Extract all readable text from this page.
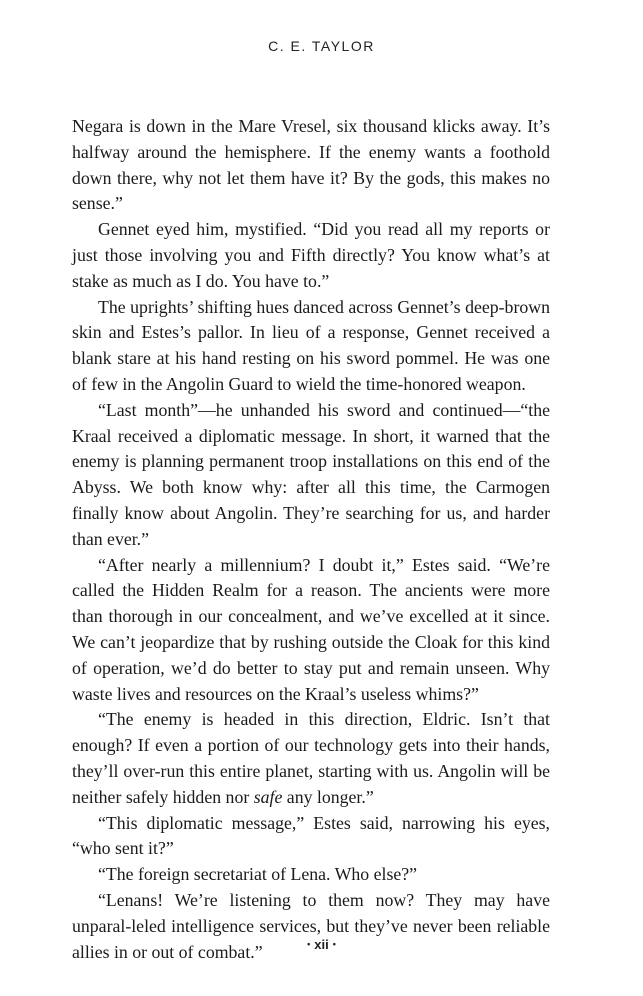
C. E. TAYLOR

Negara is down in the Mare Vresel, six thousand klicks away. It’s halfway around the hemisphere. If the enemy wants a foothold down there, why not let them have it? By the gods, this makes no sense.”

Gennet eyed him, mystified. “Did you read all my reports or just those involving you and Fifth directly? You know what’s at stake as much as I do. You have to.”

The uprights’ shifting hues danced across Gennet’s deep-brown skin and Estes’s pallor. In lieu of a response, Gennet received a blank stare at his hand resting on his sword pommel. He was one of few in the Angolin Guard to wield the time-honored weapon.

“Last month”—he unhanded his sword and continued—“the Kraal received a diplomatic message. In short, it warned that the enemy is planning permanent troop installations on this end of the Abyss. We both know why: after all this time, the Carmogen finally know about Angolin. They’re searching for us, and harder than ever.”

“After nearly a millennium? I doubt it,” Estes said. “We’re called the Hidden Realm for a reason. The ancients were more than thorough in our concealment, and we’ve excelled at it since. We can’t jeopardize that by rushing outside the Cloak for this kind of operation, we’d do better to stay put and remain unseen. Why waste lives and resources on the Kraal’s useless whims?”

“The enemy is headed in this direction, Eldric. Isn’t that enough? If even a portion of our technology gets into their hands, they’ll over-run this entire planet, starting with us. Angolin will be neither safely hidden nor safe any longer.”

“This diplomatic message,” Estes said, narrowing his eyes, “who sent it?”

“The foreign secretariat of Lena. Who else?”

“Lenans! We’re listening to them now? They may have unparal-leled intelligence services, but they’ve never been reliable allies in or out of combat.”	• xii •
